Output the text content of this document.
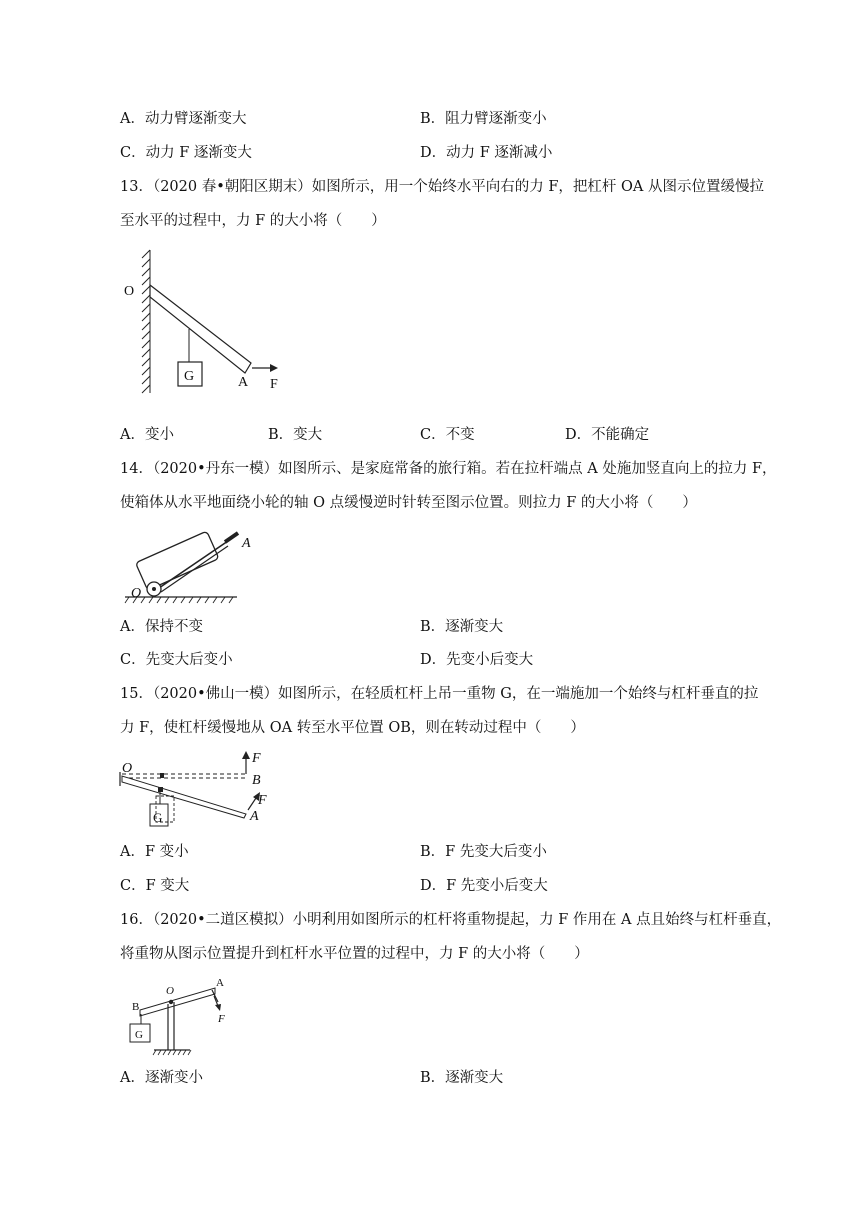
A．动力臂逐渐变大	B．阻力臂逐渐变小
C．动力 F 逐渐变大	D．动力 F 逐渐减小
13．（2020 春•朝阳区期末）如图所示，用一个始终水平向右的力 F，把杠杆 OA 从图示位置缓慢拉
至水平的过程中，力 F 的大小将（　　）
G
O
A F
A．变小	B．变大	C．不变	D．不能确定
14．（2020•丹东一模）如图所示、是家庭常备的旅行箱。若在拉杆端点 A 处施加竖直向上的拉力 F，
使箱体从水平地面绕小轮的轴 O 点缓慢逆时针转至图示位置。则拉力 F 的大小将（　　）
A
O
A．保持不变	B．逐渐变大
C．先变大后变小	D．先变小后变大
15．（2020•佛山一模）如图所示，在轻质杠杆上吊一重物 G，在一端施加一个始终与杠杆垂直的拉
力 F，使杠杆缓慢地从 OA 转至水平位置 OB，则在转动过程中（　　）
F
B
O
G
F
A
A．F 变小	B．F 先变大后变小
C．F 变大	D．F 先变小后变大
16．（2020•二道区模拟）小明利用如图所示的杠杆将重物提起，力 F 作用在 A 点且始终与杠杆垂直，
将重物从图示位置提升到杠杆水平位置的过程中，力 F 的大小将（　　）
O
A
B
G
F
A．逐渐变小	B．逐渐变大
